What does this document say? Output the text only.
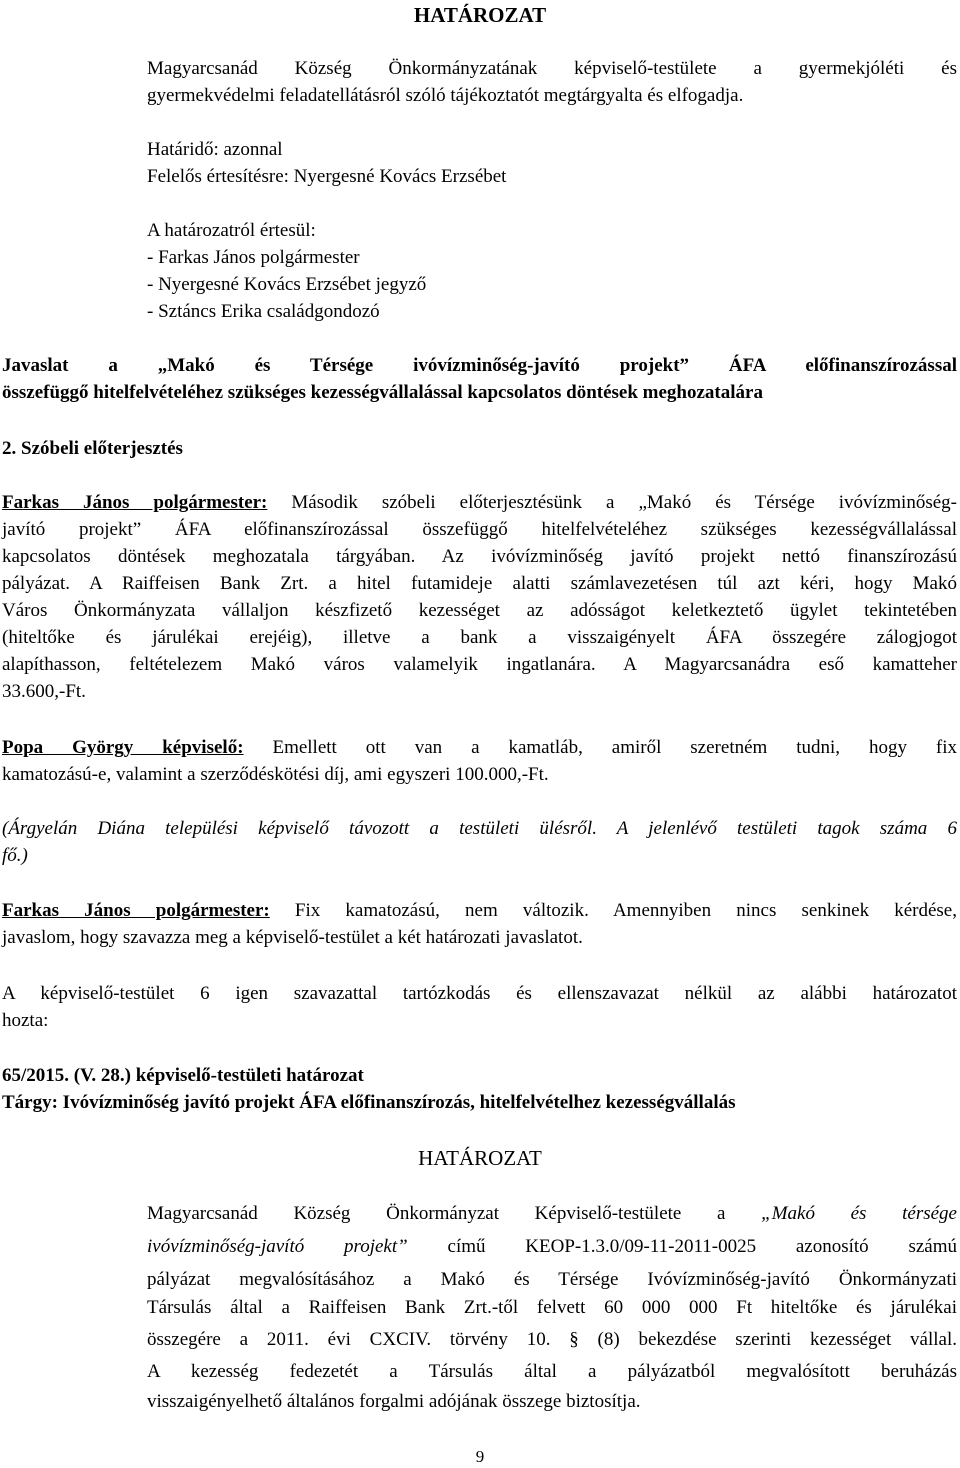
HATÁROZAT
Magyarcsanád Község Önkormányzatának képviselő-testülete a gyermekjóléti és
gyermekvédelmi feladatellátásról szóló tájékoztatót megtárgyalta és elfogadja.
Határidő: azonnal
Felelős értesítésre: Nyergesné Kovács Erzsébet
A határozatról értesül:
- Farkas János polgármester
- Nyergesné Kovács Erzsébet jegyző
- Sztáncs Erika családgondozó
Javaslat a „Makó és Térsége ivóvízminőség-javító projekt” ÁFA előfinanszírozással
összefüggő hitelfelvételéhez szükséges kezességvállalással kapcsolatos döntések meghozatalára
2. Szóbeli előterjesztés
Farkas János polgármester: Második szóbeli előterjesztésünk a „Makó és Térsége ivóvízminőség-
javító projekt” ÁFA előfinanszírozással összefüggő hitelfelvételéhez szükséges kezességvállalással
kapcsolatos döntések meghozatala tárgyában. Az ivóvízminőség javító projekt nettó finanszírozású
pályázat. A Raiffeisen Bank Zrt. a hitel futamideje alatti számlavezetésen túl azt kéri, hogy Makó
Város Önkormányzata vállaljon készfizető kezességet az adósságot keletkeztető ügylet tekintetében
(hiteltőke és járulékai erejéig), illetve a bank a visszaigényelt ÁFA összegére zálogjogot
alapíthasson, feltételezem Makó város valamelyik ingatlanára. A Magyarcsanádra eső kamatteher
33.600,-Ft.
Popa György képviselő: Emellett ott van a kamatláb, amiről szeretném tudni, hogy fix
kamatozású-e, valamint a szerződéskötési díj, ami egyszeri 100.000,-Ft.
(Árgyelán Diána települési képviselő távozott a testületi ülésről. A jelenlévő testületi tagok száma 6
fő.)
Farkas János polgármester: Fix kamatozású, nem változik. Amennyiben nincs senkinek kérdése,
javaslom, hogy szavazza meg a képviselő-testület a két határozati javaslatot.
A képviselő-testület 6 igen szavazattal tartózkodás és ellenszavazat nélkül az alábbi határozatot
hozta:
65/2015. (V. 28.) képviselő-testületi határozat
Tárgy: Ivóvízminőség javító projekt ÁFA előfinanszírozás, hitelfelvételhez kezességvállalás
HATÁROZAT
Magyarcsanád Község Önkormányzat Képviselő-testülete a „Makó és térsége
ivóvízminőség-javító projekt” című KEOP-1.3.0/09-11-2011-0025 azonosító számú
pályázat megvalósításához a Makó és Térsége Ivóvízminőség-javító Önkormányzati
Társulás által a Raiffeisen Bank Zrt.-től felvett 60 000 000 Ft hiteltőke és járulékai
összegére a 2011. évi CXCIV. törvény 10. § (8) bekezdése szerinti kezességet vállal.
A kezesség fedezetét a Társulás által a pályázatból megvalósított beruházás
visszaigényelhető általános forgalmi adójának összege biztosítja.
9
